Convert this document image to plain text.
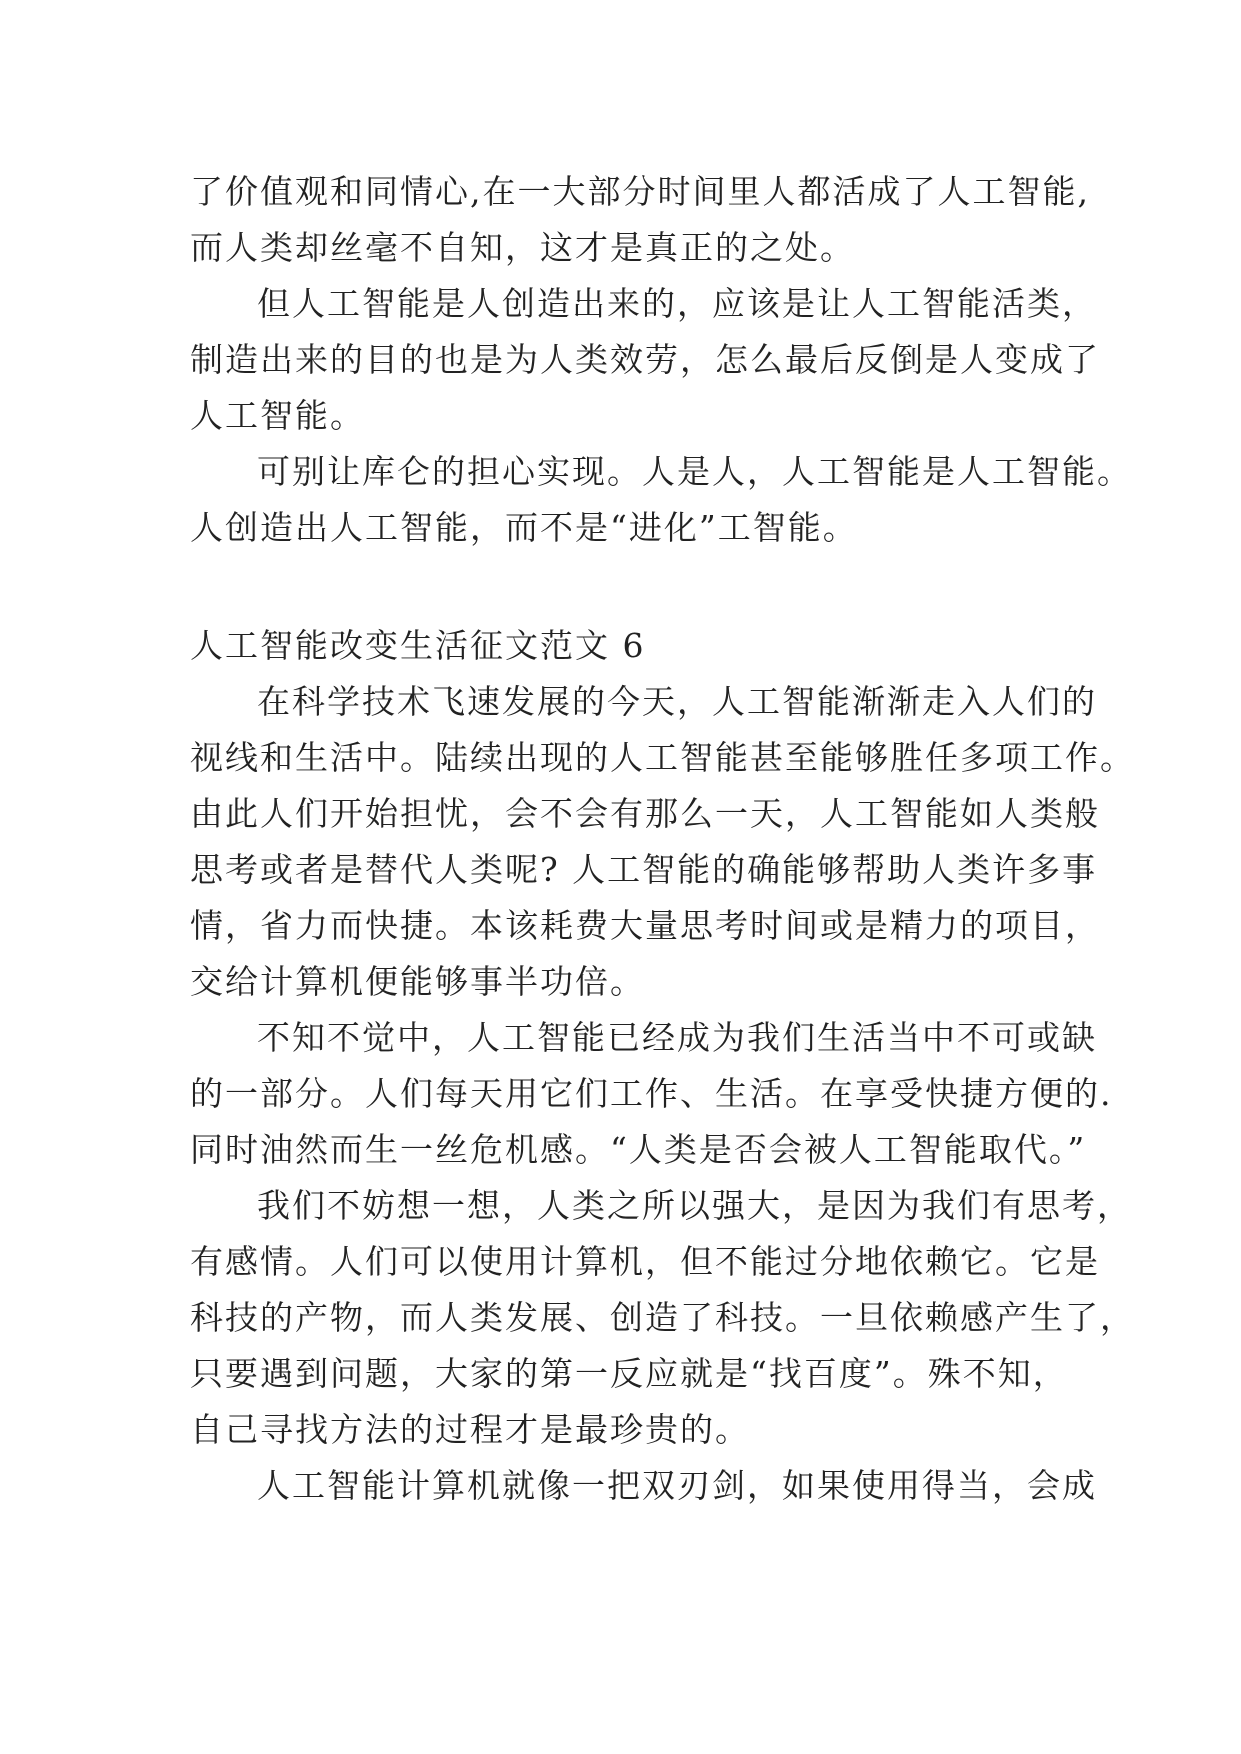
了价值观和同情心,在一大部分时间里人都活成了人工智能,
而人类却丝毫不自知，这才是真正的之处。
但人工智能是人创造出来的，应该是让人工智能活类，
制造出来的目的也是为人类效劳，怎么最后反倒是人变成了
人工智能。
可别让库仑的担心实现。人是人，人工智能是人工智能。
人创造出人工智能，而不是“进化”工智能。
人工智能改变生活征文范文 6
在科学技术飞速发展的今天，人工智能渐渐走入人们的
视线和生活中。陆续出现的人工智能甚至能够胜任多项工作。
由此人们开始担忧，会不会有那么一天，人工智能如人类般
思考或者是替代人类呢? 人工智能的确能够帮助人类许多事
情，省力而快捷。本该耗费大量思考时间或是精力的项目，
交给计算机便能够事半功倍。
不知不觉中，人工智能已经成为我们生活当中不可或缺
的一部分。人们每天用它们工作、生活。在享受快捷方便的.
同时油然而生一丝危机感。“人类是否会被人工智能取代。”
我们不妨想一想，人类之所以强大，是因为我们有思考，
有感情。人们可以使用计算机，但不能过分地依赖它。它是
科技的产物，而人类发展、创造了科技。一旦依赖感产生了，
只要遇到问题，大家的第一反应就是“找百度”。殊不知，
自己寻找方法的过程才是最珍贵的。
人工智能计算机就像一把双刃剑，如果使用得当，会成
